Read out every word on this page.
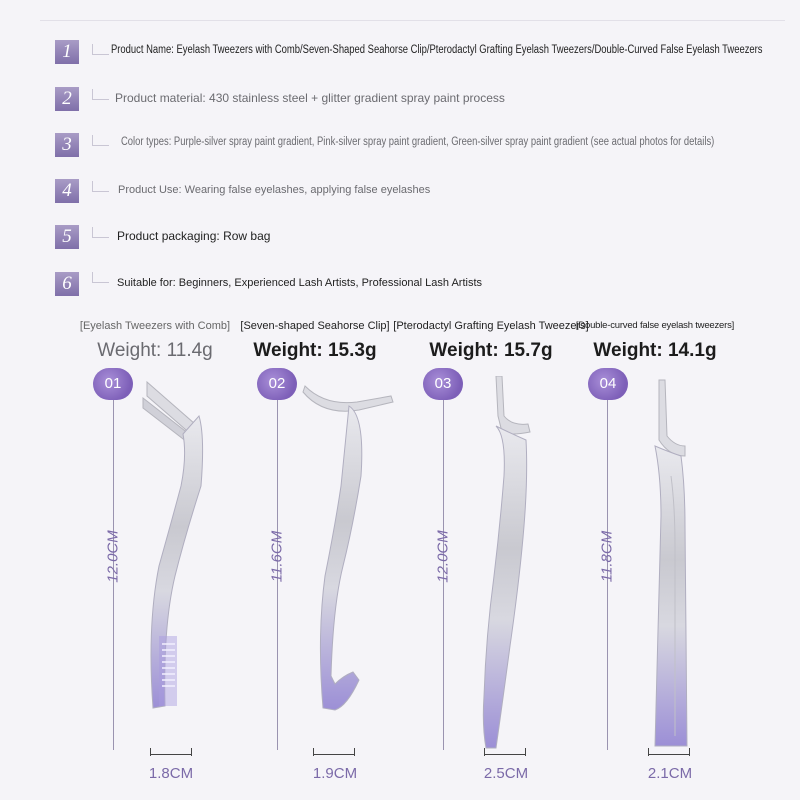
1	Product Name: Eyelash Tweezers with Comb/Seven-Shaped Seahorse Clip/Pterodactyl Grafting Eyelash Tweezers/Double-Curved False Eyelash Tweezers
2	Product material: 430 stainless steel + glitter gradient spray paint process
3	Color types: Purple-silver spray paint gradient, Pink-silver spray paint gradient, Green-silver spray paint gradient (see actual photos for details)
4	Product Use: Wearing false eyelashes, applying false eyelashes
5	Product packaging: Row bag
6	Suitable for: Beginners, Experienced Lash Artists, Professional Lash Artists
[Eyelash Tweezers with Comb]
Weight: 11.4g
01
12.0CM
1.8CM
[Seven-shaped Seahorse Clip]
Weight: 15.3g
02
11.6CM
1.9CM
[Pterodactyl Grafting Eyelash Tweezers]
Weight: 15.7g
03
12.0CM
2.5CM
[Double-curved false eyelash tweezers]
Weight: 14.1g
04
11.8CM
2.1CM
